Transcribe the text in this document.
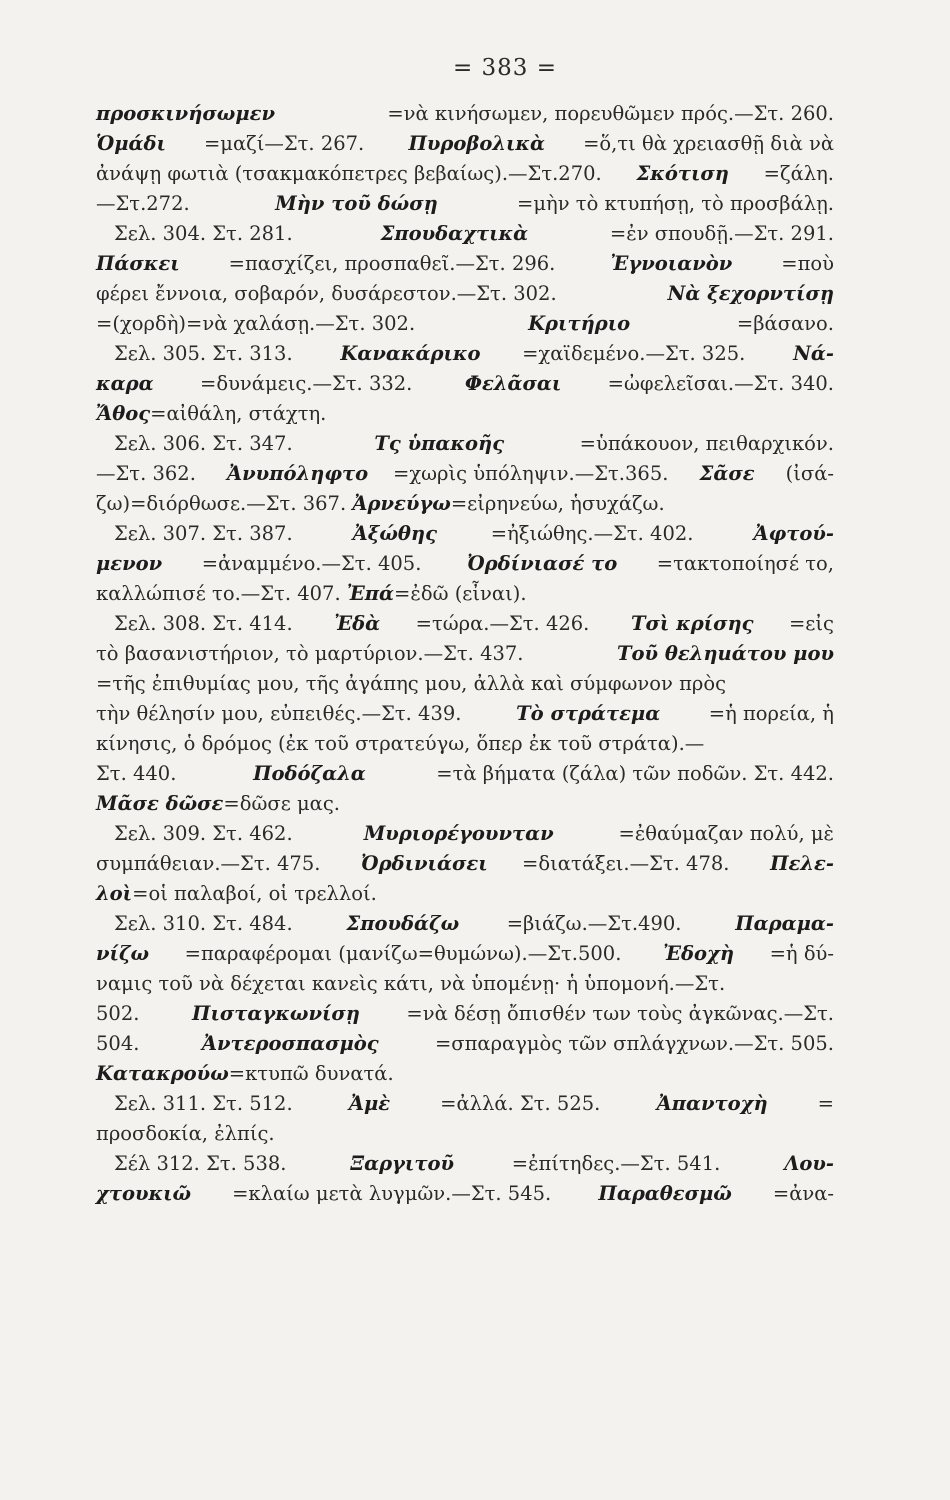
= 383 =
προσκινήσωμεν	=νὰ κινήσωμεν, πορευθῶμεν πρός.—Στ. 260.
Ὁμάδι =μαζί—Στ. 267. Πυροβολικὰ =ὅ,τι θὰ χρειασθῇ διὰ νὰ
ἀνάψῃ φωτιὰ (τσακμακόπετρες βεβαίως).—Στ.270. Σκότιση =ζάλη.
—Στ.272.	Μὴν τοῦ δώσῃ	=μὴν τὸ κτυπήσῃ, τὸ προσβάλῃ.
Σελ. 304. Στ. 281.	Σπουδαχτικὰ	=ἐν σπουδῇ.—Στ. 291.
Πάσκει	=πασχίζει, προσπαθεῖ.—Στ. 296.	Ἐγνοιανὸν	=ποὺ
φέρει ἔννοια, σοβαρόν, δυσάρεστον.—Στ. 302.	Νὰ ξεχορντίσῃ
=(χορδὴ)=νὰ χαλάσῃ.—Στ. 302.	Κριτήριο	=βάσανο.
Σελ. 305. Στ. 313. Κανακάρικο =χαϊδεμένο.—Στ. 325. Νά-
καρα =δυνάμεις.—Στ. 332. Φελᾶσαι =ὠφελεῖσαι.—Στ. 340.
Ἄθος =αἰθάλη, στάχτη.
Σελ. 306. Στ. 347.	Τς ὑπακοῆς	=ὑπάκουον, πειθαρχικόν.
—Στ. 362. Ἀνυπόληφτο =χωρὶς ὑπόληψιν.—Στ.365. Σᾶσε (ἰσά-
ζω)=διόρθωσε.—Στ. 367. Ἀρνεύγω =εἰρηνεύω, ἡσυχάζω.
Σελ. 307. Στ. 387.	Ἀξώθης	=ἠξιώθης.—Στ. 402.	Ἀφτού-
μενον =ἀναμμένο.—Στ. 405. Ὀρδίνιασέ το =τακτοποίησέ το,
καλλώπισέ το.—Στ. 407. Ἐπά =ἐδῶ (εἶναι).
Σελ. 308. Στ. 414. Ἐδὰ =τώρα.—Στ. 426. Τσὶ κρίσης =εἰς
τὸ βασανιστήριον, τὸ μαρτύριον.—Στ. 437.	Τοῦ θεληuάτου μου
=τῆς ἐπιθυμίας μου, τῆς ἀγάπης μου, ἀλλὰ καὶ σύμφωνον πρὸς
τὴν θέλησίν μου, εὐπειθές.—Στ. 439. Τὸ στράτεμα =ἡ πορεία, ἡ
κίνησις, ὁ δρόμος (ἐκ τοῦ στρατεύγω, ὅπερ ἐκ τοῦ στράτα).—
Στ. 440.	Ποδόζαλα	=τὰ βήματα (ζάλα) τῶν ποδῶν. Στ. 442.
Μᾶσε δῶσε =δῶσε μας.
Σελ. 309. Στ. 462.	Μυριορέγουνταν	=ἐθαύμαζαν πολύ, μὲ
συμπάθειαν.—Στ. 475. Ὀρδινιάσει =διατάξει.—Στ. 478. Πελε-
λοὶ =οἱ παλαβοί, οἱ τρελλοί.
Σελ. 310. Στ. 484. Σπουδάζω =βιάζω.—Στ.490. Παραμα-
νίζω =παραφέρομαι (μανίζω=θυμώνω).—Στ.500. Ἐδοχὴ =ἡ δύ-
ναμις τοῦ νὰ δέχεται κανεὶς κάτι, νὰ ὑπομένῃ· ἡ ὑπομονή.—Στ.
502. Πισταγκωνίσῃ =νὰ δέσῃ ὄπισθέν των τοὺς ἀγκῶνας.—Στ.
504.	Ἀντεροσπασμὸς	=σπαραγμὸς τῶν σπλάγχνων.—Στ. 505.
Κατακρούω =κτυπῶ δυνατά.
Σελ. 311. Στ. 512.	Ἀμὲ	=ἀλλά. Στ. 525.	Ἀπαντοχὴ	=
προσδοκία, ἐλπίς.
Σέλ 312. Στ. 538.	Ξαργιτοῦ	=ἐπίτηδες.—Στ. 541.	Λου-
χτουκιῶ =κλαίω μετὰ λυγμῶν.—Στ. 545. Παραθεσμῶ =ἀνα-
